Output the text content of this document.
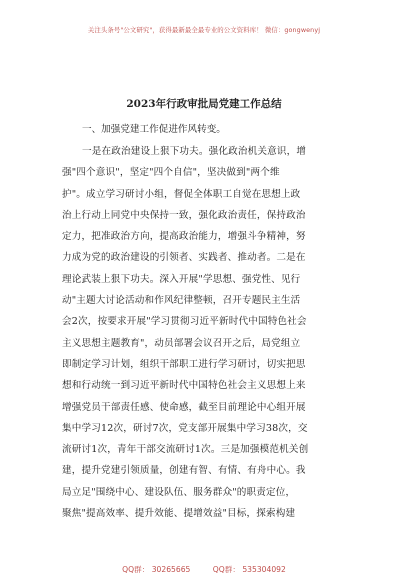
关注头条号"公文研究"，获得最新最全最专业的公文资料库！ 微信：gongwenyj
2023年行政审批局党建工作总结
一、加强党建工作促进作风转变。
一是在政治建设上狠下功夫。强化政治机关意识，增
强"四个意识"，坚定"四个自信"，坚决做到"两个维
护"。成立学习研讨小组，督促全体职工自觉在思想上政
治上行动上同党中央保持一致，强化政治责任，保持政治
定力，把准政治方向，提高政治能力，增强斗争精神，努
力成为党的政治建设的引领者、实践者、推动者。二是在
理论武装上狠下功夫。深入开展"学思想、强党性、见行
动"主题大讨论活动和作风纪律整顿，召开专题民主生活
会2次，按要求开展"学习贯彻习近平新时代中国特色社会
主义思想主题教育"，动员部署会议召开之后，局党组立
即制定学习计划，组织干部职工进行学习研讨，切实把思
想和行动统一到习近平新时代中国特色社会主义思想上来
增强党员干部责任感、使命感，截至目前理论中心组开展
集中学习12次，研讨7次，党支部开展集中学习38次，交
流研讨1次，青年干部交流研讨1次。三是加强模范机关创
建，提升党建引领质量，创建有智、有情、有舟中心。我
局立足"围绕中心、建设队伍、服务群众"的职责定位，
聚焦"提高效率、提升效能、提增效益"目标，探索构建
QQ群： 30265665	QQ群： 535304092
